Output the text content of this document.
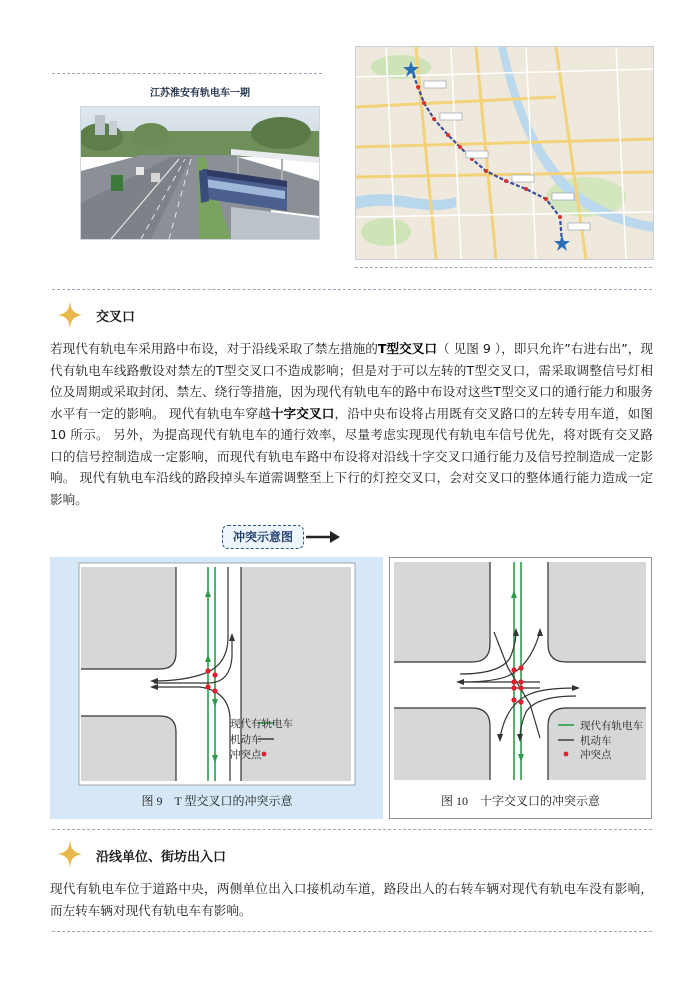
江苏淮安有轨电车一期
交叉口
若现代有轨电车采用路中布设，对于沿线采取了禁左措施的T型交叉口（ 见图 9 ），即只允许”右进右出”，现代有轨电车线路敷设对禁左的T型交叉口不造成影响；但是对于可以左转的T型交叉口，需采取调整信号灯相位及周期或采取封闭、禁左、绕行等措施，因为现代有轨电车的路中布设对这些T型交叉口的通行能力和服务水平有一定的影响。 现代有轨电车穿越十字交叉口，沿中央布设将占用既有交叉路口的左转专用车道，如图 10 所示。 另外，为提高现代有轨电车的通行效率，尽量考虑实现现代有轨电车信号优先，将对既有交叉路口的信号控制造成一定影响，而现代有轨电车路中布设将对沿线十字交叉口通行能力及信号控制造成一定影响。 现代有轨电车沿线的路段掉头车道需调整至上下行的灯控交叉口，会对交叉口的整体通行能力造成一定影响。
冲突示意图
现代有轨电车
机动车
冲突点
图 9　T 型交叉口的冲突示意
现代有轨电车
机动车
冲突点
图 10　十字交叉口的冲突示意
沿线单位、街坊出入口
现代有轨电车位于道路中央，两侧单位出入口接机动车道，路段出人的右转车辆对现代有轨电车没有影响，而左转车辆对现代有轨电车有影响。
